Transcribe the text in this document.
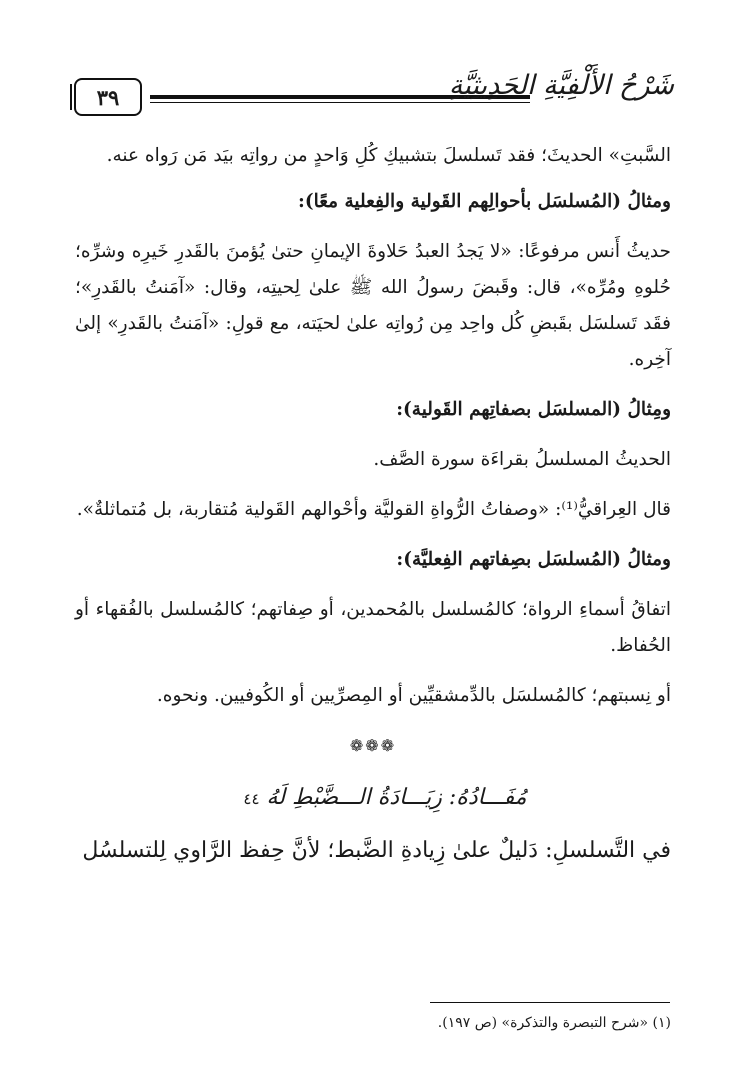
٣٩	شَرْحُ الأَلْفِيَّةِ الحَدِيثِيَّةِ

السَّبتِ» الحديثَ؛ فقد تَسلسلَ بتشبيكِ كُلِ وَاحدٍ من رواتِه بيَد مَن رَواه عنه.

ومثالُ (المُسلسَل بأحوالِهم القَولية والفِعلية معًا):

حديثُ أَنس مرفوعًا: «لا يَجدُ العبدُ حَلاوةَ الإيمانِ حتىٰ يُؤمنَ بالقَدرِ خَيرِه وشرِّه؛ حُلوهِ ومُرِّه»، قال: وقَبضَ رسولُ الله ﷺ علىٰ لِحيتِه، وقال: «آمَنتُ بالقَدرِ»؛ فقَد تَسلسَل بقَبضِ كُل واحِد مِن رُواتِه علىٰ لحيَته، مع قولِ: «آمَنتُ بالقَدرِ» إلىٰ آخِره.

ومِثالُ (المسلسَل بصفاتِهم القَولية):

الحديثُ المسلسلُ بقراءَة سورة الصَّف.

قال العِراقيُّ⁽¹⁾: «وصفاتُ الرُّواةِ القوليَّة وأحْوالهم القَولية مُتقاربة، بل مُتماثلةٌ».

ومثالُ (المُسلسَل بصِفاتهم الفِعليَّة):

اتفاقُ أسماءِ الرواة؛ كالمُسلسل بالمُحمدين، أو صِفاتهم؛ كالمُسلسل بالفُقهاء أو الحُفاظ.

أو نِسبتهم؛ كالمُسلسَل بالدِّمشقيِّين أو المِصرِّيين أو الكُوفيين. ونحوه.

❁❁❁
مُفَـــادُهُ: زِيَـــادَةُ الـــضَّبْطِ لَهُ ٤٤

في التَّسلسلِ: دَليلٌ علىٰ زِيادةِ الضَّبط؛ لأنَّ حِفظ الرَّاوي لِلتسلسُل

(١) «شرح التبصرة والتذكرة» (ص ١٩٧).
